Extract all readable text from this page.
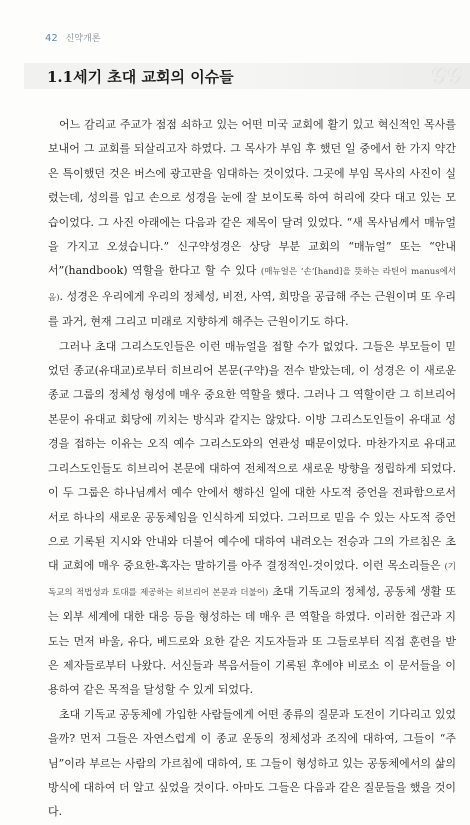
42 신약개론
1.1세기 초대 교회의 이슈들	𝒢𝒢

어느 감리교 주교가 점점 쇠하고 있는 어떤 미국 교회에 활기 있고 혁신적인 목사를 보내어 그 교회를 되살리고자 하였다. 그 목사가 부임 후 했던 일 중에서 한 가지 약간은 특이했던 것은 버스에 광고판을 임대하는 것이었다. 그곳에 부임 목사의 사진이 실렸는데, 성의를 입고 손으로 성경을 눈에 잘 보이도록 하여 허리에 갖다 대고 있는 모습이었다. 그 사진 아래에는 다음과 같은 제목이 달려 있었다. “새 목사님께서 매뉴얼을 가지고 오셨습니다.” 신구약성경은 상당 부분 교회의 “매뉴얼” 또는 “안내서”(handbook) 역할을 한다고 할 수 있다 (매뉴얼은 ‘손’[hand]을 뜻하는 라틴어 manus에서 옴). 성경은 우리에게 우리의 정체성, 비전, 사역, 희망을 공급해 주는 근원이며 또 우리를 과거, 현재 그리고 미래로 지향하게 해주는 근원이기도 하다.

그러나 초대 그리스도인들은 이런 매뉴얼을 접할 수가 없었다. 그들은 부모들이 믿었던 종교(유대교)로부터 히브리어 본문(구약)을 전수 받았는데, 이 성경은 이 새로운 종교 그룹의 정체성 형성에 매우 중요한 역할을 했다. 그러나 그 역할이란 그 히브리어 본문이 유대교 회당에 끼치는 방식과 같지는 않았다. 이방 그리스도인들이 유대교 성경을 접하는 이유는 오직 예수 그리스도와의 연관성 때문이었다. 마찬가지로 유대교 그리스도인들도 히브리어 본문에 대하여 전체적으로 새로운 방향을 정립하게 되었다. 이 두 그룹은 하나님께서 예수 안에서 행하신 일에 대한 사도적 증언을 전파함으로서 서로 하나의 새로운 공동체임을 인식하게 되었다. 그러므로 믿음 수 있는 사도적 증언으로 기록된 지시와 안내와 더불어 예수에 대하여 내려오는 전승과 그의 가르침은 초대 교회에 매우 중요한-혹자는 말하기를 아주 결정적인-것이었다. 이런 목소리들은 (기독교의 적법성과 토대를 제공하는 히브리어 본문과 더불어) 초대 기독교의 정체성, 공동체 생활 또는 외부 세계에 대한 대응 등을 형성하는 데 매우 큰 역할을 하였다. 이러한 접근과 지도는 먼저 바울, 유다, 베드로와 요한 같은 지도자들과 또 그들로부터 직접 훈련을 받은 제자들로부터 나왔다. 서신들과 복음서들이 기록된 후에야 비로소 이 문서들을 이용하여 같은 목적을 달성할 수 있게 되었다.

초대 기독교 공동체에 가입한 사람들에게 어떤 종류의 질문과 도전이 기다리고 있었을까? 먼저 그들은 자연스럽게 이 종교 운동의 정체성과 조직에 대하여, 그들이 “주님”이라 부르는 사람의 가르침에 대하여, 또 그들이 형성하고 있는 공동체에서의 삶의 방식에 대하여 더 알고 싶었을 것이다. 아마도 그들은 다음과 같은 질문들을 했을 것이다.
